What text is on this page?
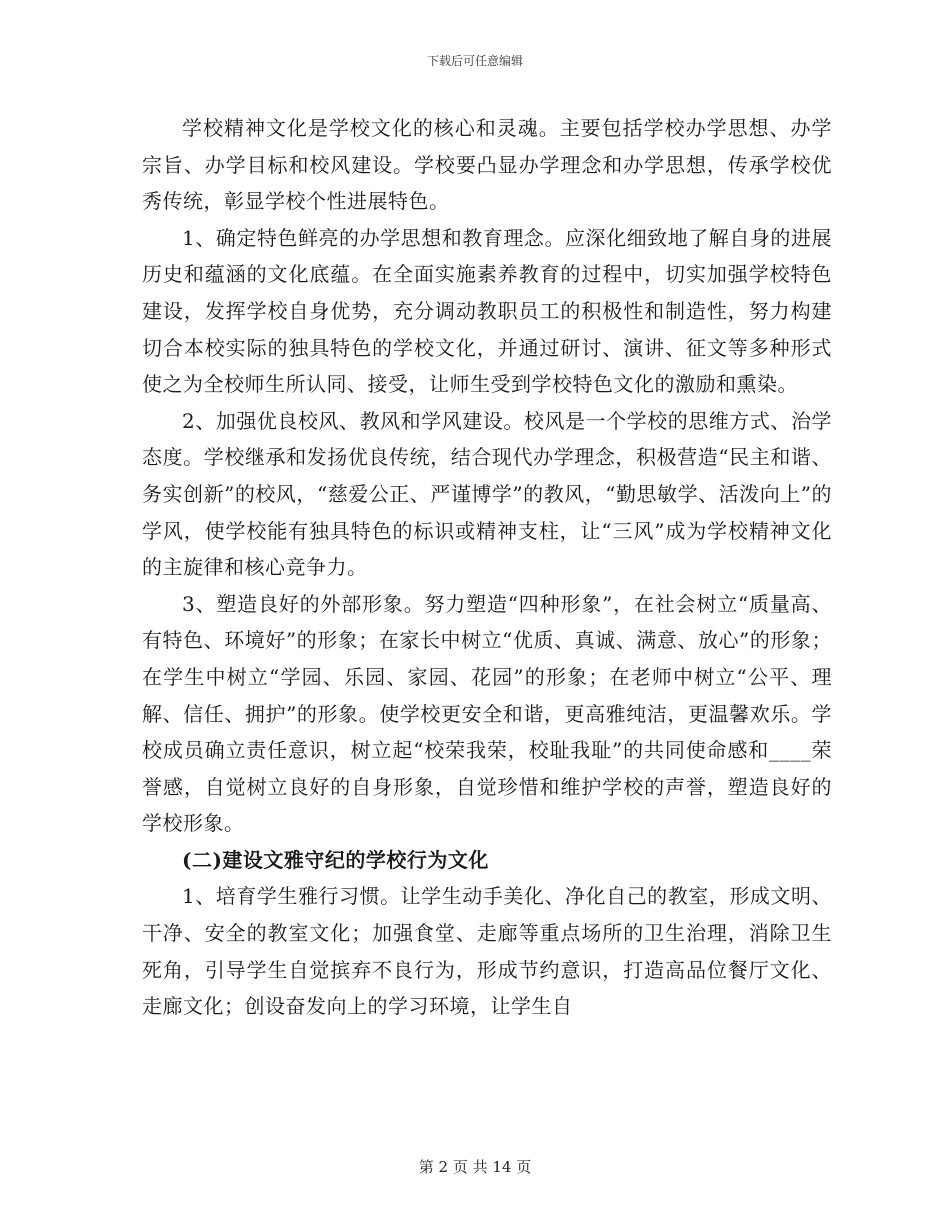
下载后可任意编辑

学校精神文化是学校文化的核心和灵魂。主要包括学校办学思想、办学宗旨、办学目标和校风建设。学校要凸显办学理念和办学思想，传承学校优秀传统，彰显学校个性进展特色。

1、确定特色鲜亮的办学思想和教育理念。应深化细致地了解自身的进展历史和蕴涵的文化底蕴。在全面实施素养教育的过程中，切实加强学校特色建设，发挥学校自身优势，充分调动教职员工的积极性和制造性，努力构建切合本校实际的独具特色的学校文化，并通过研讨、演讲、征文等多种形式使之为全校师生所认同、接受，让师生受到学校特色文化的激励和熏染。

2、加强优良校风、教风和学风建设。校风是一个学校的思维方式、治学态度。学校继承和发扬优良传统，结合现代办学理念，积极营造“民主和谐、务实创新”的校风，“慈爱公正、严谨博学”的教风，“勤思敏学、活泼向上”的学风，使学校能有独具特色的标识或精神支柱，让“三风”成为学校精神文化的主旋律和核心竞争力。

3、塑造良好的外部形象。努力塑造“四种形象”，在社会树立“质量高、有特色、环境好”的形象；在家长中树立“优质、真诚、满意、放心”的形象；在学生中树立“学园、乐园、家园、花园”的形象；在老师中树立“公平、理解、信任、拥护”的形象。使学校更安全和谐，更高雅纯洁，更温馨欢乐。学校成员确立责任意识，树立起“校荣我荣，校耻我耻”的共同使命感和____荣誉感，自觉树立良好的自身形象，自觉珍惜和维护学校的声誉，塑造良好的学校形象。

(二)建设文雅守纪的学校行为文化

1、培育学生雅行习惯。让学生动手美化、净化自己的教室，形成文明、干净、安全的教室文化；加强食堂、走廊等重点场所的卫生治理，消除卫生死角，引导学生自觉摈弃不良行为，形成节约意识，打造高品位餐厅文化、走廊文化；创设奋发向上的学习环境，让学生自

第 2 页 共 14 页
